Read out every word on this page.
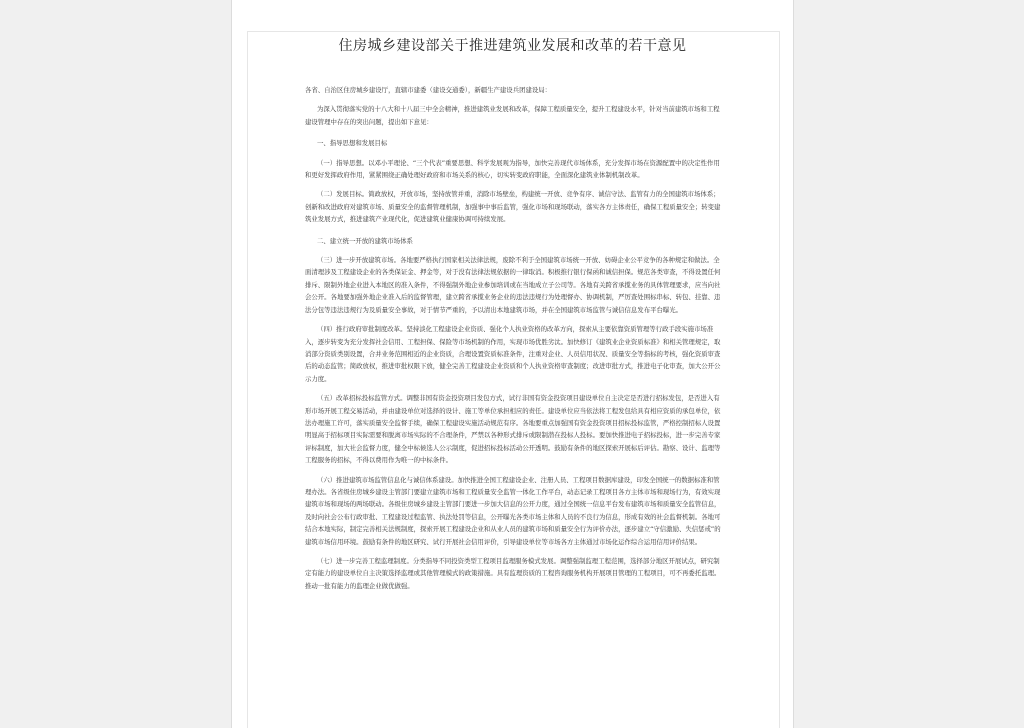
住房城乡建设部关于推进建筑业发展和改革的若干意见

各省、自治区住房城乡建设厅，直辖市建委（建设交通委），新疆生产建设兵团建设局：

为深入贯彻落实党的十八大和十八届三中全会精神，推进建筑业发展和改革，保障工程质量安全，提升工程建设水平，针对当前建筑市场和工程建设管理中存在的突出问题，提出如下意见：

一、指导思想和发展目标

（一）指导思想。以邓小平理论、“三个代表”重要思想、科学发展观为指导，加快完善现代市场体系，充分发挥市场在资源配置中的决定性作用和更好发挥政府作用，紧紧围绕正确处理好政府和市场关系的核心，切实转变政府职能，全面深化建筑业体制机制改革。

（二）发展目标。简政放权，开放市场，坚持放管并重，消除市场壁垒，构建统一开放、竞争有序、诚信守法、监管有力的全国建筑市场体系；创新和改进政府对建筑市场、质量安全的监督管理机制，加强事中事后监管，强化市场和现场联动，落实各方主体责任，确保工程质量安全；转变建筑业发展方式，推进建筑产业现代化，促进建筑业健康协调可持续发展。

二、建立统一开放的建筑市场体系

（三）进一步开放建筑市场。各地要严格执行国家相关法律法规，废除不利于全国建筑市场统一开放、妨碍企业公平竞争的各种规定和做法。全面清理涉及工程建设企业的各类保证金、押金等，对于没有法律法规依据的一律取消。积极推行银行保函和诚信担保。规范各类审查，不得设置任何排斥、限制外地企业进入本地区的准入条件，不得强制外地企业参加培训或在当地成立子公司等。各地有关跨省承揽业务的具体管理要求，应当向社会公开。各地要加强外地企业准入后的监督管理，建立跨省承揽业务企业的违法违规行为处理督办、协调机制，严厉查处围标串标、转包、挂靠、违法分包等违法违规行为及质量安全事故，对于情节严重的，予以清出本地建筑市场，并在全国建筑市场监管与诚信信息发布平台曝光。

（四）推行政府审批制度改革。坚持淡化工程建设企业资质、强化个人执业资格的改革方向，探索从主要依靠资质管理等行政手段实施市场准入，逐步转变为充分发挥社会信用、工程担保、保险等市场机制的作用，实现市场优胜劣汰。加快修订《建筑业企业资质标准》和相关管理规定，取消部分资质类别设置，合并业务范围相近的企业资质，合理设置资质标准条件，注重对企业、人员信用状况、质量安全等指标的考核，强化资质审查后的动态监管；简政放权，推进审批权限下放，健全完善工程建设企业资质和个人执业资格审查制度；改进审批方式，推进电子化审查，加大公开公示力度。

（五）改革招标投标监管方式。调整非国有资金投资项目发包方式，试行非国有资金投资项目建设单位自主决定是否进行招标发包，是否进入有形市场开展工程交易活动，并由建设单位对选择的设计、施工等单位承担相应的责任。建设单位应当依法将工程发包给具有相应资质的承包单位，依法办理施工许可，落实质量安全监督手续，确保工程建设实施活动规范有序。各地要重点加强国有资金投资项目招标投标监管，严格控制招标人设置明显高于招标项目实际需要和脱离市场实际的不合理条件，严禁以各种形式排斥或限制潜在投标人投标。要加快推进电子招标投标，进一步完善专家评标制度，加大社会监督力度，健全中标候选人公示制度，促进招标投标活动公开透明。鼓励有条件的地区探索开展标后评估。勘察、设计、监理等工程服务的招标，不得以费用作为唯一的中标条件。

（六）推进建筑市场监管信息化与诚信体系建设。加快推进全国工程建设企业、注册人员、工程项目数据库建设，印发全国统一的数据标准和管理办法。各省级住房城乡建设主管部门要建立建筑市场和工程质量安全监管一体化工作平台，动态记录工程项目各方主体市场和现场行为，有效实现建筑市场和现场的两场联动。各级住房城乡建设主管部门要进一步加大信息的公开力度，通过全国统一信息平台发布建筑市场和质量安全监管信息，及时向社会公布行政审批、工程建设过程监管、执法处罚等信息，公开曝光各类市场主体和人员的不良行为信息，形成有效的社会监督机制。各地可结合本地实际，制定完善相关法规制度，探索开展工程建设企业和从业人员的建筑市场和质量安全行为评价办法，逐步建立“守信激励、失信惩戒”的建筑市场信用环境。鼓励有条件的地区研究、试行开展社会信用评价，引导建设单位等市场各方主体通过市场化运作综合运用信用评价结果。

（七）进一步完善工程监理制度。分类指导不同投资类型工程项目监理服务模式发展。调整强制监理工程范围，选择部分地区开展试点，研究制定有能力的建设单位自主决策选择监理或其他管理模式的政策措施。具有监理资质的工程咨询服务机构开展项目管理的工程项目，可不再委托监理。推动一批有能力的监理企业做优做强。
